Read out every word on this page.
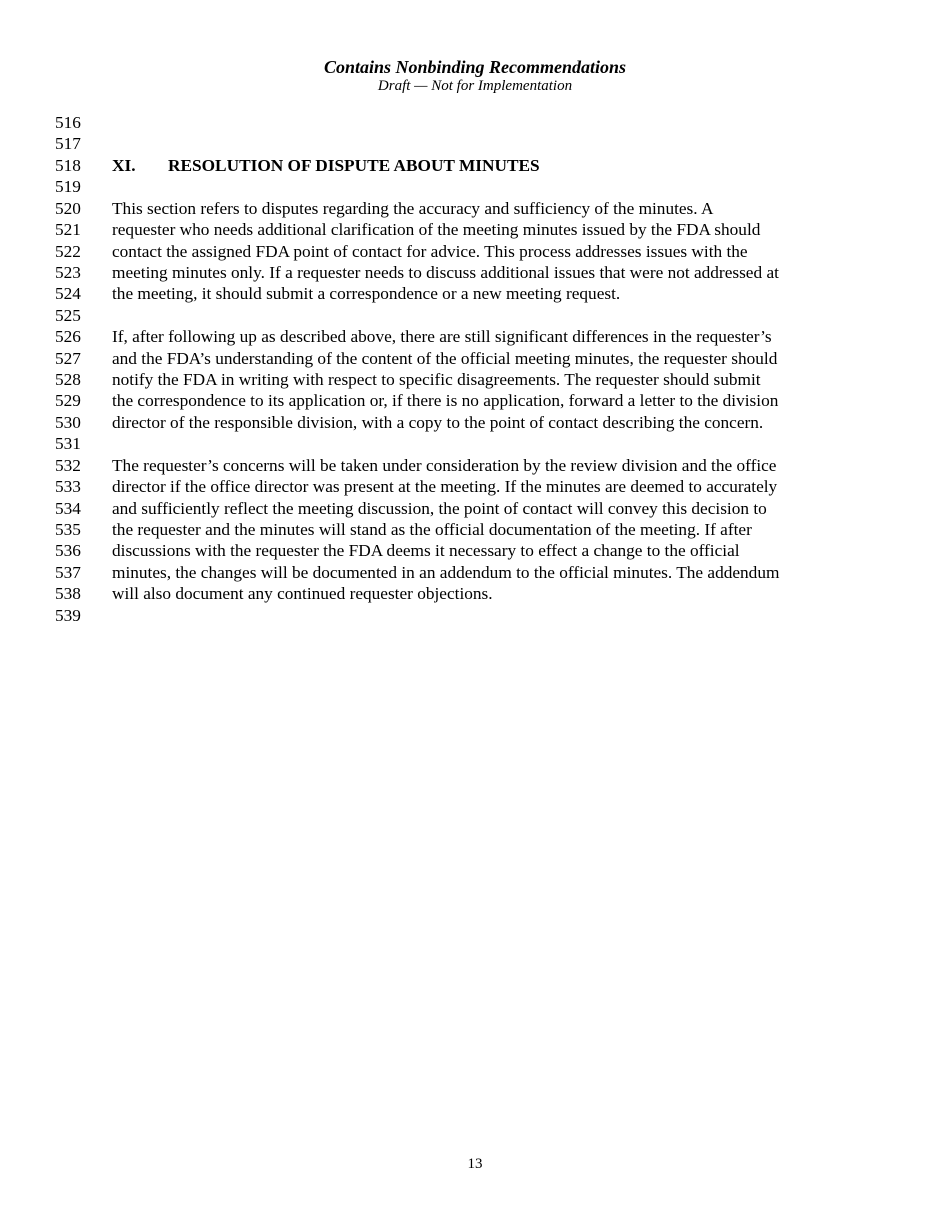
Contains Nonbinding Recommendations
Draft — Not for Implementation
516
517
518	XI. RESOLUTION OF DISPUTE ABOUT MINUTES
519
520	This section refers to disputes regarding the accuracy and sufficiency of the minutes. A
521	requester who needs additional clarification of the meeting minutes issued by the FDA should
522	contact the assigned FDA point of contact for advice. This process addresses issues with the
523	meeting minutes only. If a requester needs to discuss additional issues that were not addressed at
524	the meeting, it should submit a correspondence or a new meeting request.
525
526	If, after following up as described above, there are still significant differences in the requester’s
527	and the FDA’s understanding of the content of the official meeting minutes, the requester should
528	notify the FDA in writing with respect to specific disagreements. The requester should submit
529	the correspondence to its application or, if there is no application, forward a letter to the division
530	director of the responsible division, with a copy to the point of contact describing the concern.
531
532	The requester’s concerns will be taken under consideration by the review division and the office
533	director if the office director was present at the meeting. If the minutes are deemed to accurately
534	and sufficiently reflect the meeting discussion, the point of contact will convey this decision to
535	the requester and the minutes will stand as the official documentation of the meeting. If after
536	discussions with the requester the FDA deems it necessary to effect a change to the official
537	minutes, the changes will be documented in an addendum to the official minutes. The addendum
538	will also document any continued requester objections.
539
13
